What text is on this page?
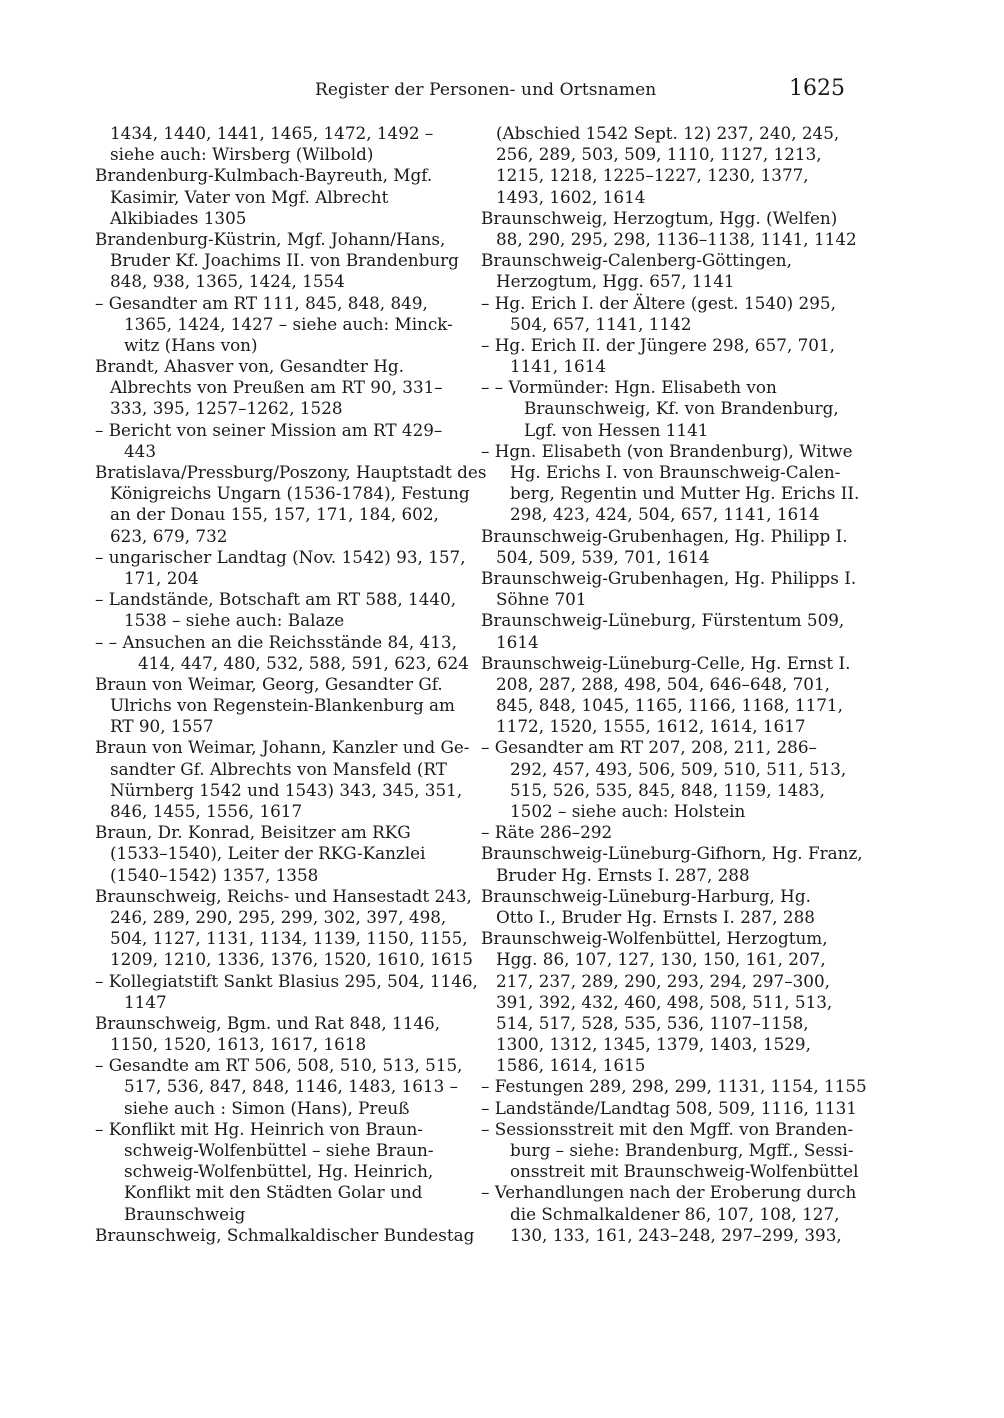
Register der Personen- und Ortsnamen	1625
1434, 1440, 1441, 1465, 1472, 1492 –
siehe auch: Wirsberg (Wilbold)
Brandenburg-Kulmbach-Bayreuth, Mgf.
Kasimir, Vater von Mgf. Albrecht
Alkibiades 1305
Brandenburg-Küstrin, Mgf. Johann/Hans,
Bruder Kf. Joachims II. von Brandenburg
848, 938, 1365, 1424, 1554
– Gesandter am RT 111, 845, 848, 849,
1365, 1424, 1427 – siehe auch: Minck-
witz (Hans von)
Brandt, Ahasver von, Gesandter Hg.
Albrechts von Preußen am RT 90, 331–
333, 395, 1257–1262, 1528
– Bericht von seiner Mission am RT 429–
443
Bratislava/Pressburg/Poszony, Hauptstadt des
Königreichs Ungarn (1536-1784), Festung
an der Donau 155, 157, 171, 184, 602,
623, 679, 732
– ungarischer Landtag (Nov. 1542) 93, 157,
171, 204
– Landstände, Botschaft am RT 588, 1440,
1538 – siehe auch: Balaze
– – Ansuchen an die Reichsstände 84, 413,
414, 447, 480, 532, 588, 591, 623, 624
Braun von Weimar, Georg, Gesandter Gf.
Ulrichs von Regenstein-Blankenburg am
RT 90, 1557
Braun von Weimar, Johann, Kanzler und Ge-
sandter Gf. Albrechts von Mansfeld (RT
Nürnberg 1542 und 1543) 343, 345, 351,
846, 1455, 1556, 1617
Braun, Dr. Konrad, Beisitzer am RKG
(1533–1540), Leiter der RKG-Kanzlei
(1540–1542) 1357, 1358
Braunschweig, Reichs- und Hansestadt 243,
246, 289, 290, 295, 299, 302, 397, 498,
504, 1127, 1131, 1134, 1139, 1150, 1155,
1209, 1210, 1336, 1376, 1520, 1610, 1615
– Kollegiatstift Sankt Blasius 295, 504, 1146,
1147
Braunschweig, Bgm. und Rat 848, 1146,
1150, 1520, 1613, 1617, 1618
– Gesandte am RT 506, 508, 510, 513, 515,
517, 536, 847, 848, 1146, 1483, 1613 –
siehe auch : Simon (Hans), Preuß
– Konflikt mit Hg. Heinrich von Braun-
schweig-Wolfenbüttel – siehe Braun-
schweig-Wolfenbüttel, Hg. Heinrich,
Konflikt mit den Städten Golar und
Braunschweig
Braunschweig, Schmalkaldischer Bundestag
(Abschied 1542 Sept. 12) 237, 240, 245,
256, 289, 503, 509, 1110, 1127, 1213,
1215, 1218, 1225–1227, 1230, 1377,
1493, 1602, 1614
Braunschweig, Herzogtum, Hgg. (Welfen)
88, 290, 295, 298, 1136–1138, 1141, 1142
Braunschweig-Calenberg-Göttingen,
Herzogtum, Hgg. 657, 1141
– Hg. Erich I. der Ältere (gest. 1540) 295,
504, 657, 1141, 1142
– Hg. Erich II. der Jüngere 298, 657, 701,
1141, 1614
– – Vormünder: Hgn. Elisabeth von
Braunschweig, Kf. von Brandenburg,
Lgf. von Hessen 1141
– Hgn. Elisabeth (von Brandenburg), Witwe
Hg. Erichs I. von Braunschweig-Calen-
berg, Regentin und Mutter Hg. Erichs II.
298, 423, 424, 504, 657, 1141, 1614
Braunschweig-Grubenhagen, Hg. Philipp I.
504, 509, 539, 701, 1614
Braunschweig-Grubenhagen, Hg. Philipps I.
Söhne 701
Braunschweig-Lüneburg, Fürstentum 509,
1614
Braunschweig-Lüneburg-Celle, Hg. Ernst I.
208, 287, 288, 498, 504, 646–648, 701,
845, 848, 1045, 1165, 1166, 1168, 1171,
1172, 1520, 1555, 1612, 1614, 1617
– Gesandter am RT 207, 208, 211, 286–
292, 457, 493, 506, 509, 510, 511, 513,
515, 526, 535, 845, 848, 1159, 1483,
1502 – siehe auch: Holstein
– Räte 286–292
Braunschweig-Lüneburg-Gifhorn, Hg. Franz,
Bruder Hg. Ernsts I. 287, 288
Braunschweig-Lüneburg-Harburg, Hg.
Otto I., Bruder Hg. Ernsts I. 287, 288
Braunschweig-Wolfenbüttel, Herzogtum,
Hgg. 86, 107, 127, 130, 150, 161, 207,
217, 237, 289, 290, 293, 294, 297–300,
391, 392, 432, 460, 498, 508, 511, 513,
514, 517, 528, 535, 536, 1107–1158,
1300, 1312, 1345, 1379, 1403, 1529,
1586, 1614, 1615
– Festungen 289, 298, 299, 1131, 1154, 1155
– Landstände/Landtag 508, 509, 1116, 1131
– Sessionsstreit mit den Mgff. von Branden-
burg – siehe: Brandenburg, Mgff., Sessi-
onsstreit mit Braunschweig-Wolfenbüttel
– Verhandlungen nach der Eroberung durch
die Schmalkaldener 86, 107, 108, 127,
130, 133, 161, 243–248, 297–299, 393,
